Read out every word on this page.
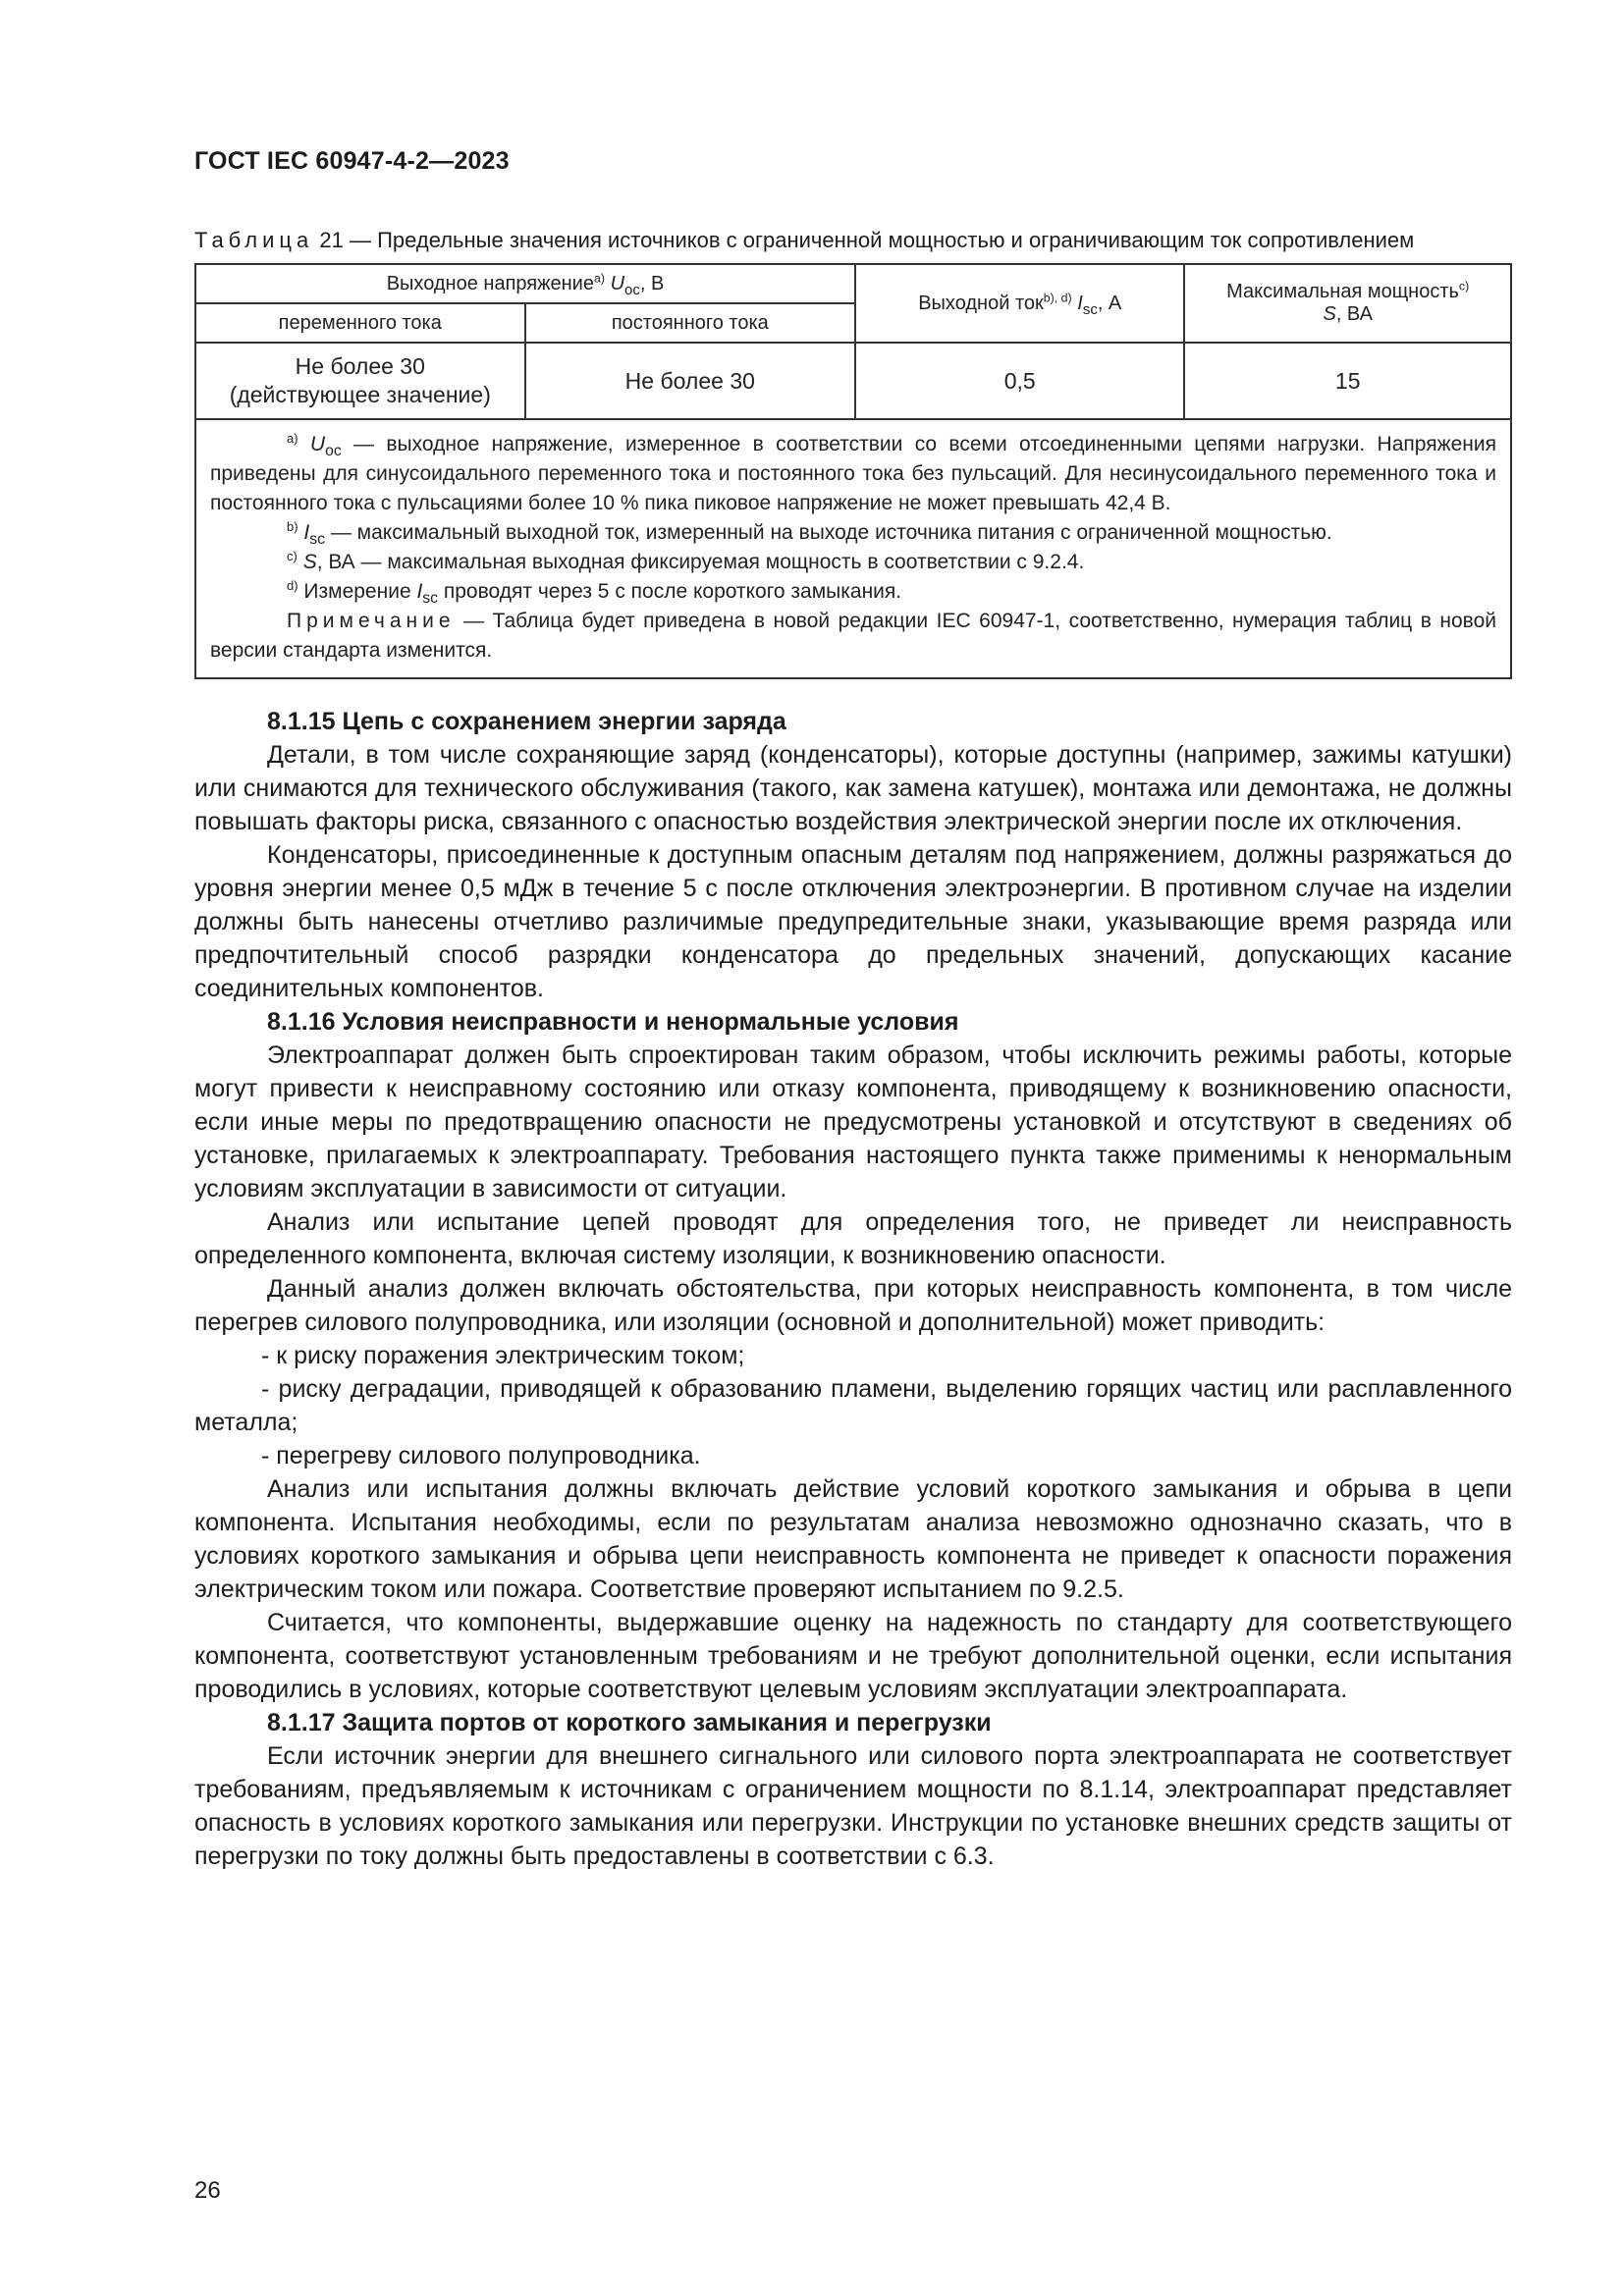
ГОСТ IEC 60947-4-2—2023

Таблица 21 — Предельные значения источников с ограниченной мощностью и ограничивающим ток сопротивлением

Выходное напряжение$^{а)}$ $U_{ос}$, В		Выходной ток$^{b), d)}$ $I_{sc}$, А	Максимальная мощность$^{c)}$
S, ВА
переменного тока	постоянного тока		
Не более 30
(действующее значение)	Не более 30	0,5	15

$^{а)}$ $U_{ос}$ — выходное напряжение, измеренное в соответствии со всеми отсоединенными цепями нагрузки. Напряжения приведены для синусоидального переменного тока и постоянного тока без пульсаций. Для несинусоидального переменного тока и постоянного тока с пульсациями более 10 % пика пиковое напряжение не может превышать 42,4 В.

$^{b)}$ $I_{sc}$ — максимальный выходной ток, измеренный на выходе источника питания с ограниченной мощностью.

$^{c)}$ S, ВА — максимальная выходная фиксируемая мощность в соответствии с 9.2.4.

$^{d)}$ Измерение $I_{sc}$ проводят через 5 с после короткого замыкания.

Примечание — Таблица будет приведена в новой редакции IEC 60947-1, соответственно, нумерация таблиц в новой версии стандарта изменится.			

8.1.15 Цепь с сохранением энергии заряда

Детали, в том числе сохраняющие заряд (конденсаторы), которые доступны (например, зажимы катушки) или снимаются для технического обслуживания (такого, как замена катушек), монтажа или демонтажа, не должны повышать факторы риска, связанного с опасностью воздействия электрической энергии после их отключения.

Конденсаторы, присоединенные к доступным опасным деталям под напряжением, должны разряжаться до уровня энергии менее 0,5 мДж в течение 5 с после отключения электроэнергии. В противном случае на изделии должны быть нанесены отчетливо различимые предупредительные знаки, указывающие время разряда или предпочтительный способ разрядки конденсатора до предельных значений, допускающих касание соединительных компонентов.

8.1.16 Условия неисправности и ненормальные условия

Электроаппарат должен быть спроектирован таким образом, чтобы исключить режимы работы, которые могут привести к неисправному состоянию или отказу компонента, приводящему к возникновению опасности, если иные меры по предотвращению опасности не предусмотрены установкой и отсутствуют в сведениях об установке, прилагаемых к электроаппарату. Требования настоящего пункта также применимы к ненормальным условиям эксплуатации в зависимости от ситуации.

Анализ или испытание цепей проводят для определения того, не приведет ли неисправность определенного компонента, включая систему изоляции, к возникновению опасности.

Данный анализ должен включать обстоятельства, при которых неисправность компонента, в том числе перегрев силового полупроводника, или изоляции (основной и дополнительной) может приводить:

- к риску поражения электрическим током;

- риску деградации, приводящей к образованию пламени, выделению горящих частиц или расплавленного металла;

- перегреву силового полупроводника.

Анализ или испытания должны включать действие условий короткого замыкания и обрыва в цепи компонента. Испытания необходимы, если по результатам анализа невозможно однозначно сказать, что в условиях короткого замыкания и обрыва цепи неисправность компонента не приведет к опасности поражения электрическим током или пожара. Соответствие проверяют испытанием по 9.2.5.

Считается, что компоненты, выдержавшие оценку на надежность по стандарту для соответствующего компонента, соответствуют установленным требованиям и не требуют дополнительной оценки, если испытания проводились в условиях, которые соответствуют целевым условиям эксплуатации электроаппарата.

8.1.17 Защита портов от короткого замыкания и перегрузки

Если источник энергии для внешнего сигнального или силового порта электроаппарата не соответствует требованиям, предъявляемым к источникам с ограничением мощности по 8.1.14, электроаппарат представляет опасность в условиях короткого замыкания или перегрузки. Инструкции по установке внешних средств защиты от перегрузки по току должны быть предоставлены в соответствии с 6.3.

26
